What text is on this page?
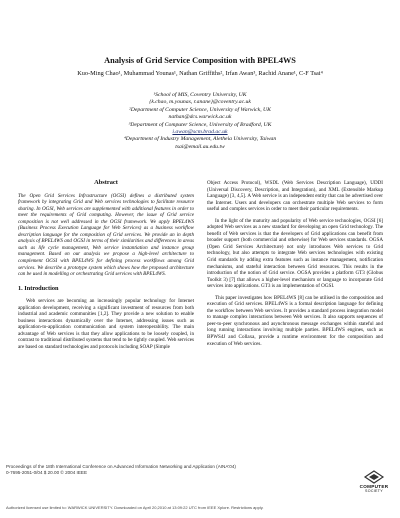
Analysis of Grid Service Composition with BPEL4WS
Kuo-Ming Chao¹, Muhammad Younas¹, Nathan Griffiths², Irfan Awan³, Rachid Anane¹, C-F Tsai⁴
¹School of MIS, Coventry University, UK
{k.chao, m.younas, r.anane}@coventry.ac.uk
²Department of Computer Science, University of Warwick, UK
nathan@dcs.warwick.ac.uk
³Department of Computer Science, University of Bradford, UK
i.awan@scm.brad.ac.uk
⁴Department of Industry Management, Aletheia University, Taiwan
tsai@email.au.edu.tw
Abstract
The Open Grid Services Infrastructure (OGSI) defines a distributed system framework by integrating Grid and Web services technologies to facilitate resource sharing. In OGSI, Web services are supplemented with additional features in order to meet the requirements of Grid computing. However, the issue of Grid service composition is not well addressed in the OGSI framework. We apply BPEL4WS (Business Process Execution Language for Web Services) as a business workflow description language for the composition of Grid services. We provide an in depth analysis of BPEL4WS and OGSI in terms of their similarities and differences in areas such as life cycle management, Web service instantiation and instance group management. Based on our analysis we propose a high-level architecture to complement OGSI with BPEL4WS for defining process workflows among Grid services. We describe a prototype system which shows how the proposed architecture can be used in modelling or orchestrating Grid services with BPEL4WS.
1. Introduction

Web services are becoming an increasingly popular technology for Internet application development, receiving a significant investment of resources from both industrial and academic communities [1,2]. They provide a new solution to enable business interactions dynamically over the Internet, addressing issues such as application-to-application communication and system interoperability. The main advantage of Web services is that they allow applications to be loosely coupled, in contrast to traditional distributed systems that tend to be tightly coupled. Web services are based on standard technologies and protocols including SOAP (Simple

Object Access Protocol), WSDL (Web Services Description Language), UDDI (Universal Discovery, Description, and Integration), and XML (Extensible Markup Language) [3, 4,5]. A Web service is an independent entity that can be advertised over the Internet. Users and developers can orchestrate multiple Web services to form useful and complex services in order to meet their particular requirements.

In the light of the maturity and popularity of Web service technologies, OGSI [6] adopted Web services as a new standard for developing an open Grid technology. The benefit of Web services is that the developers of Grid applications can benefit from broader support (both commercial and otherwise) for Web services standards. OGSA (Open Grid Services Architecture) not only introduces Web services to Grid technology, but also attempts to integrate Web services technologies with existing Grid standards by adding extra features such as instance management, notification mechanisms, and stateful interaction between Grid resources. This results in the introduction of the notion of Grid service. OGSA provides a platform GT3 (Globus Toolkit 3) [7] that allows a higher-level mechanism or language to incorporate Grid services into applications. GT3 is an implementation of OGSI.

This paper investigates how BPEL4WS [8] can be utilised in the composition and execution of Grid services. BPEL4WS is a formal description language for defining the workflow between Web services. It provides a standard process integration model to manage complex interactions between Web services. It also supports sequences of peer-to-peer synchronous and asynchronous message exchanges within stateful and long running interactions involving multiple parties. BPEL4WS engines, such as BPWS4J and Collaxa, provide a runtime environment for the composition and execution of Web services.

Proceedings of the 18th International Conference on Advanced Information Networking and Application (AINA'04)
0-7695-2051-0/04 $ 20.00 © 2004 IEEE
COMPUTER
SOCIETY
Authorized licensed use limited to: WARWICK UNIVERSITY. Downloaded on April 20,2010 at 13:09:22 UTC from IEEE Xplore. Restrictions apply.
